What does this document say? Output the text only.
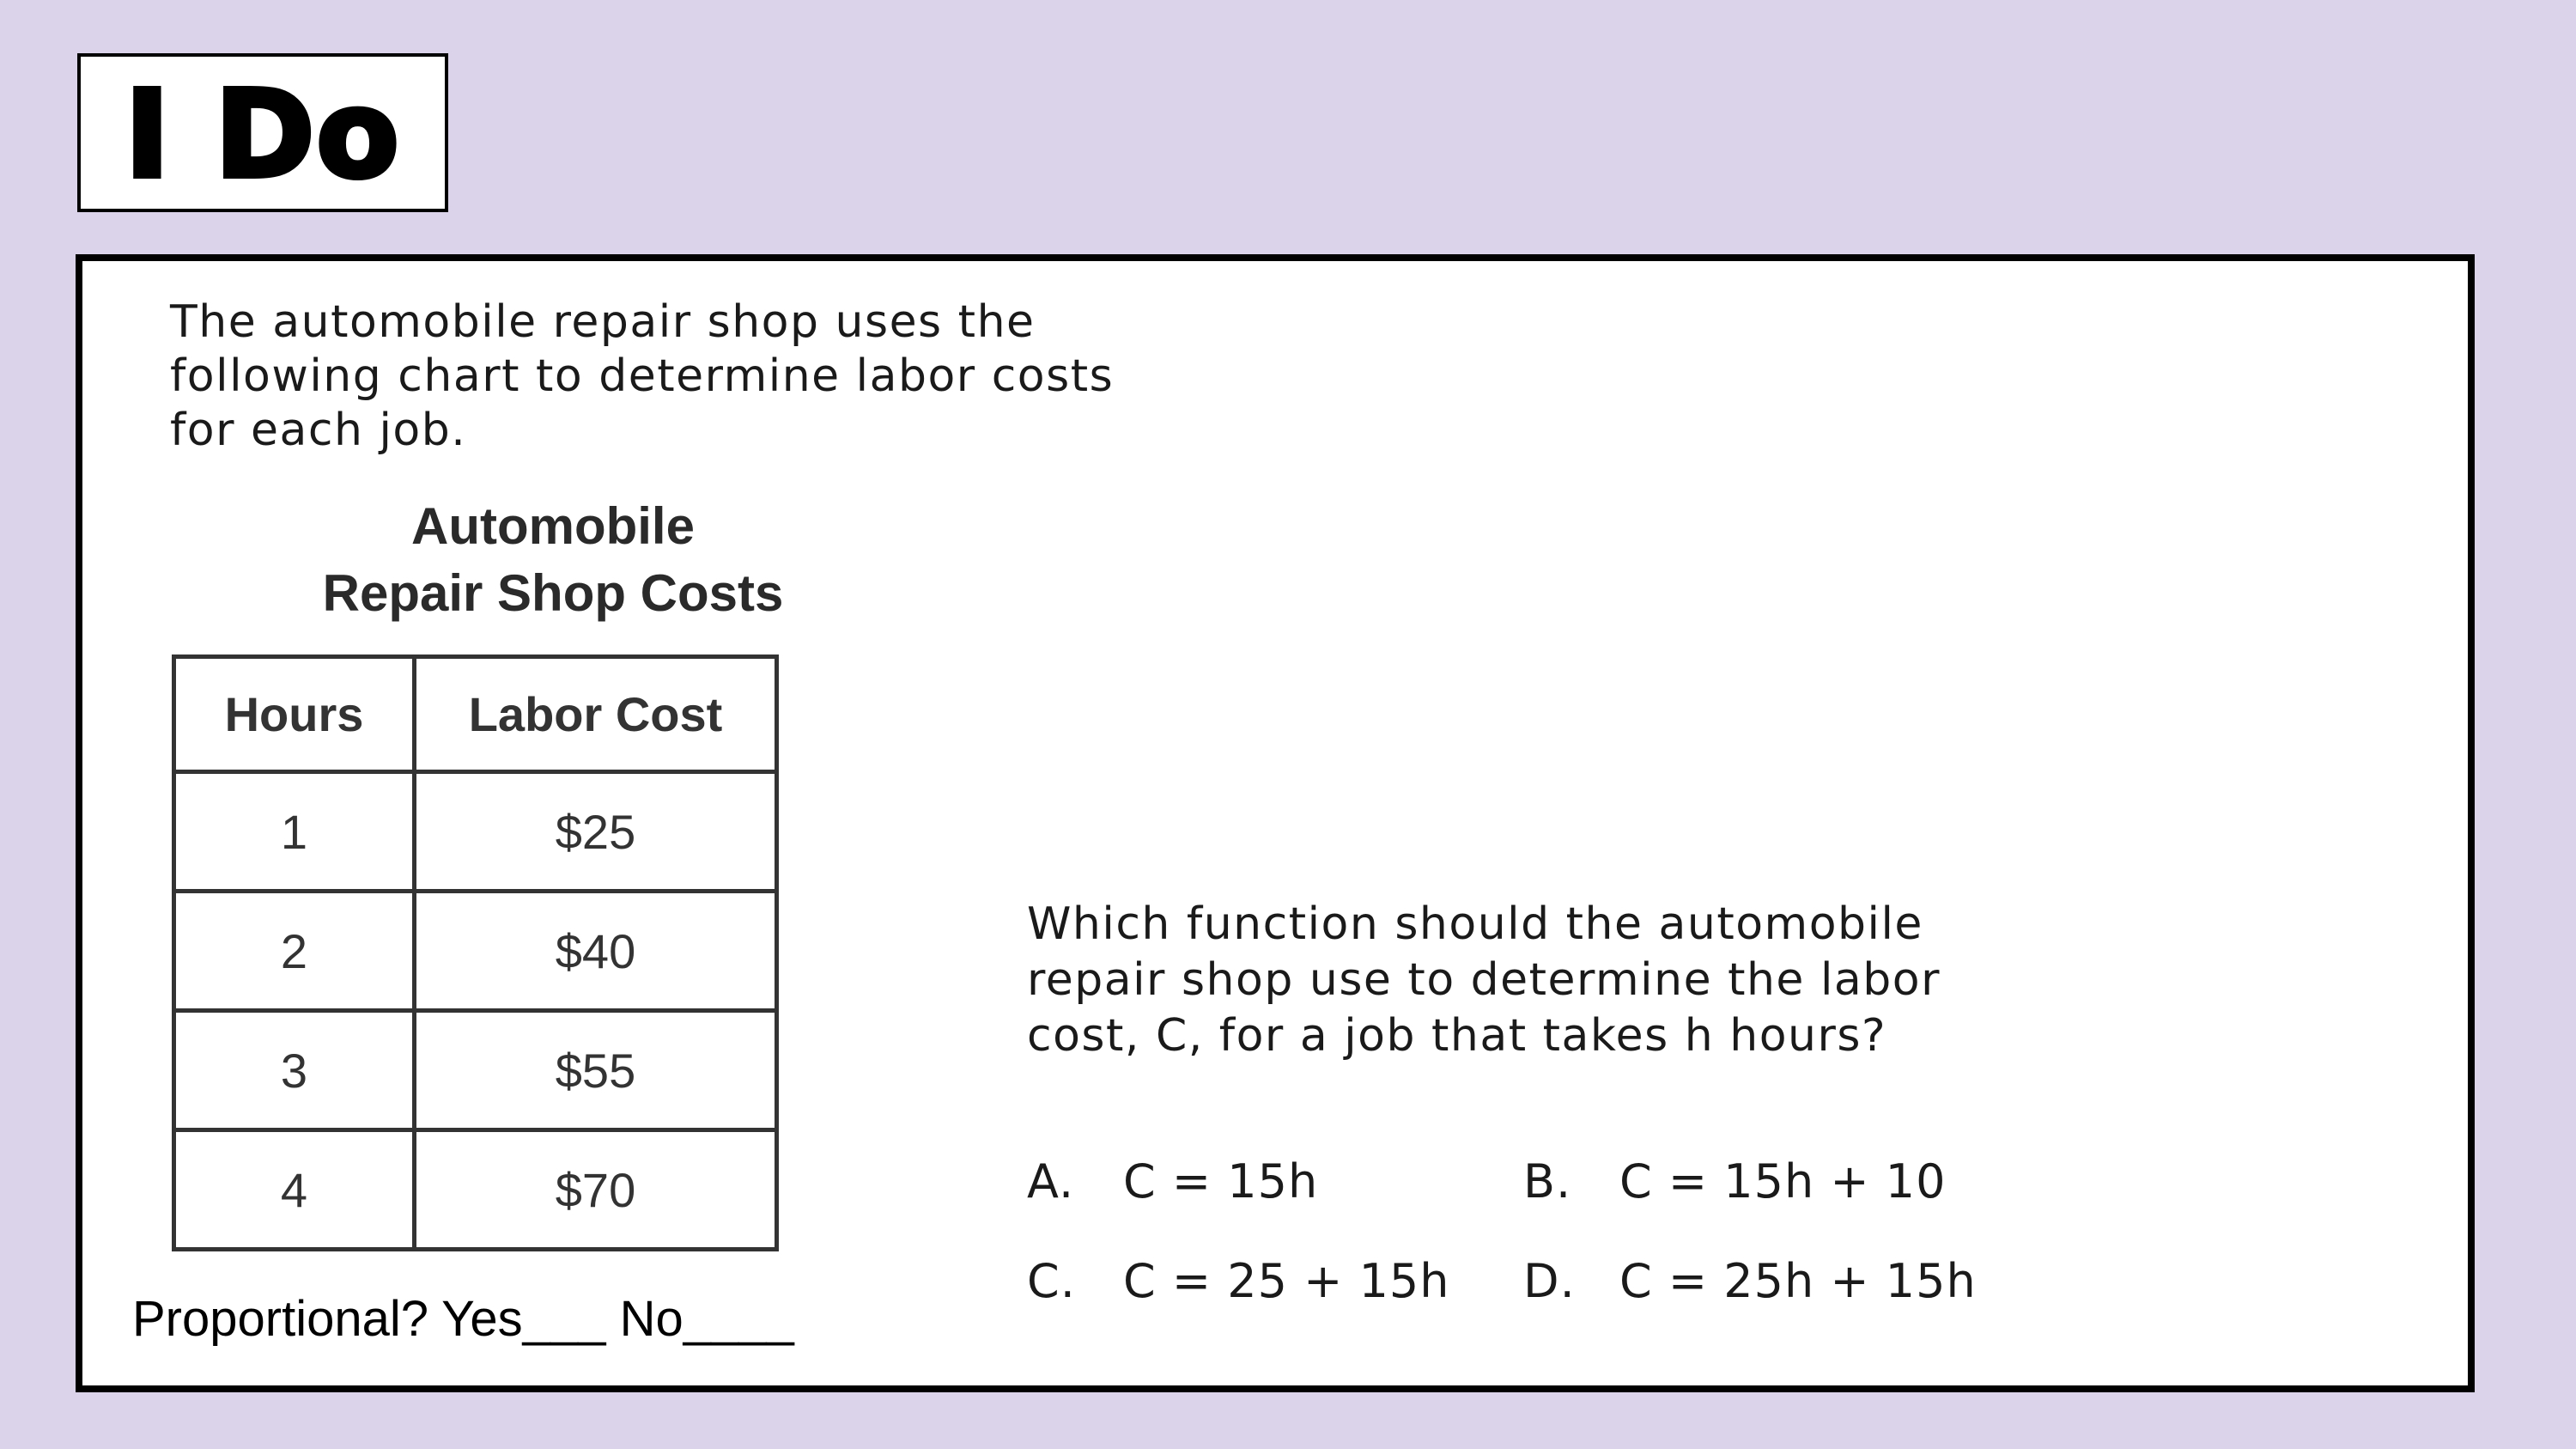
I Do
The automobile repair shop uses the
following chart to determine labor costs
for each job.
Automobile
Repair Shop Costs
Hours	Labor Cost
1	$25
2	$40
3	$55
4	$70
Proportional? Yes___ No____
Which function should the automobile
repair shop use to determine the labor
cost, C, for a job that takes h hours?
A. C = 15h	B. C = 15h + 10
C. C = 25 + 15h D. C = 25h + 15h
